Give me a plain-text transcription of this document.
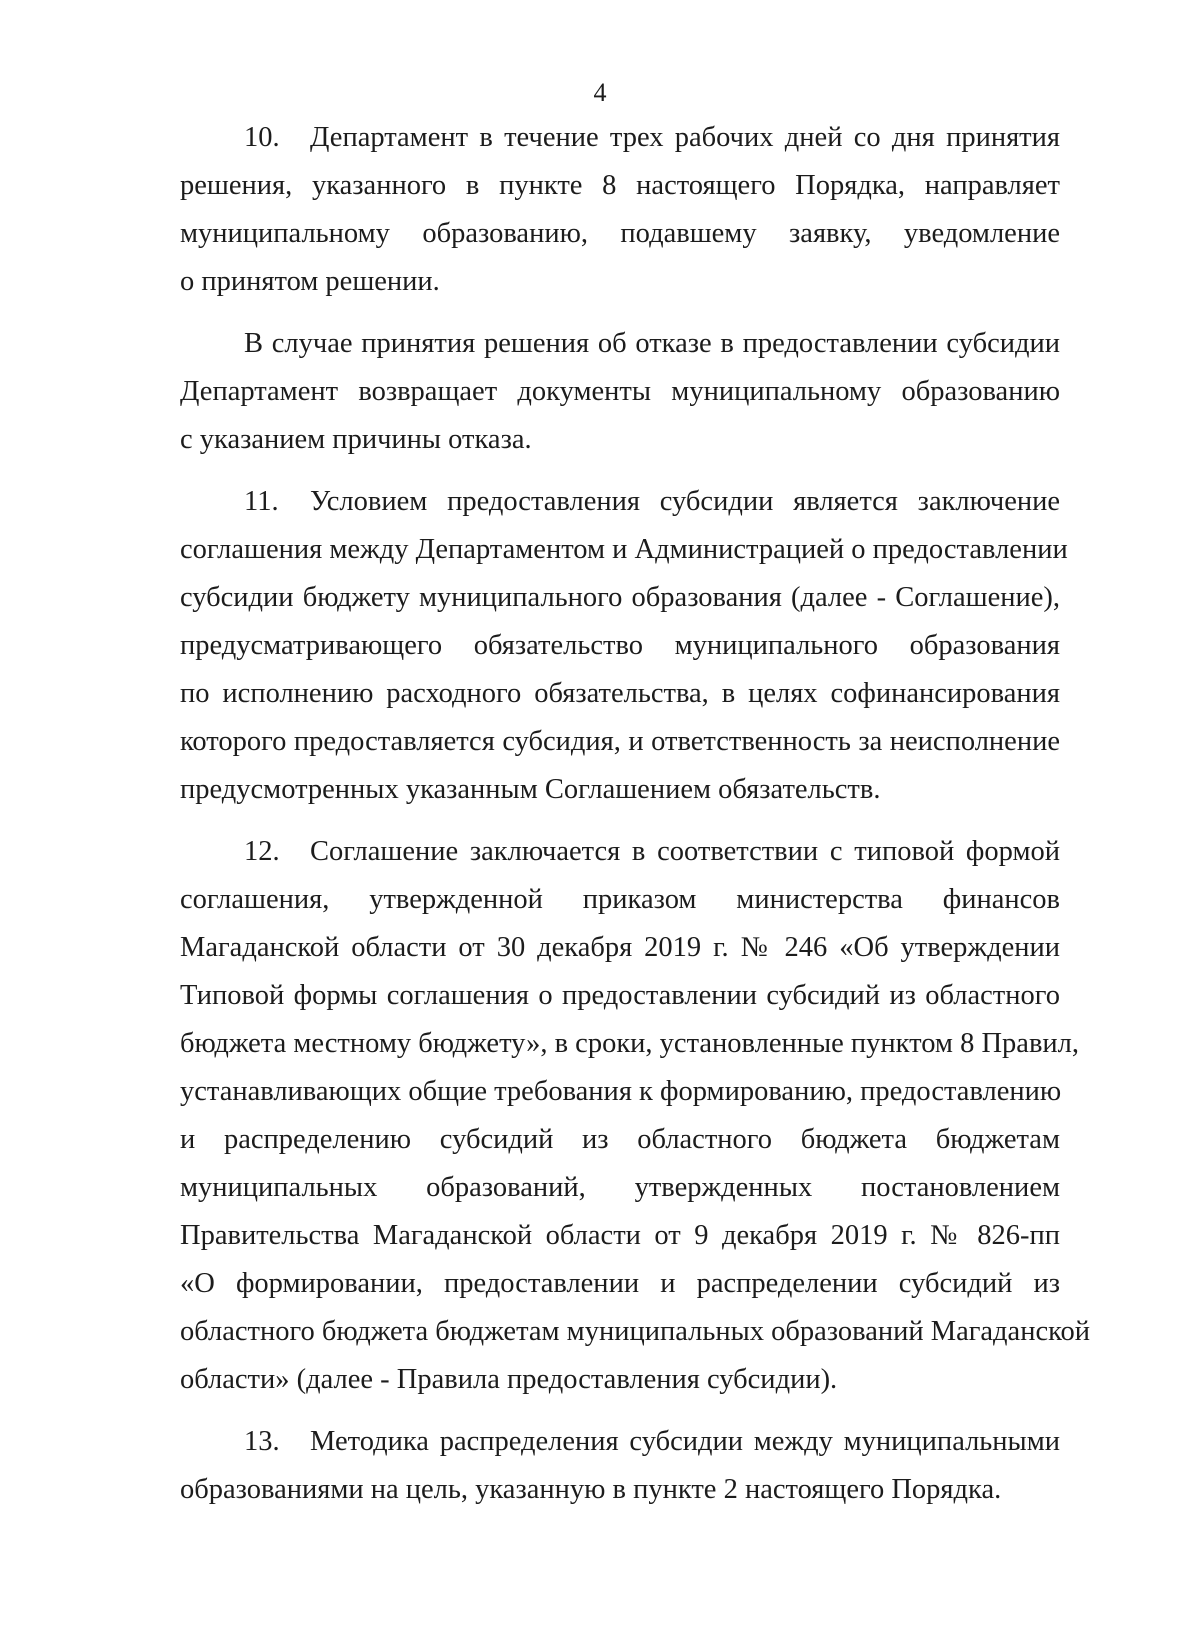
4

10. Департамент в течение трех рабочих дней со дня принятия
решения, указанного в пункте 8 настоящего Порядка, направляет
муниципальному образованию, подавшему заявку, уведомление
о принятом решении.

В случае принятия решения об отказе в предоставлении субсидии
Департамент возвращает документы муниципальному образованию
с указанием причины отказа.

11. Условием предоставления субсидии является заключение
соглашения между Департаментом и Администрацией о предоставлении
субсидии бюджету муниципального образования (далее - Соглашение),
предусматривающего обязательство муниципального образования
по исполнению расходного обязательства, в целях софинансирования
которого предоставляется субсидия, и ответственность за неисполнение
предусмотренных указанным Соглашением обязательств.

12. Соглашение заключается в соответствии с типовой формой
соглашения, утвержденной приказом министерства финансов
Магаданской области от 30 декабря 2019 г. № 246 «Об утверждении
Типовой формы соглашения о предоставлении субсидий из областного
бюджета местному бюджету», в сроки, установленные пунктом 8 Правил,
устанавливающих общие требования к формированию, предоставлению
и распределению субсидий из областного бюджета бюджетам
муниципальных образований, утвержденных постановлением
Правительства Магаданской области от 9 декабря 2019 г. № 826-пп
«О формировании, предоставлении и распределении субсидий из
областного бюджета бюджетам муниципальных образований Магаданской
области» (далее - Правила предоставления субсидии).

13. Методика распределения субсидии между муниципальными
образованиями на цель, указанную в пункте 2 настоящего Порядка.
